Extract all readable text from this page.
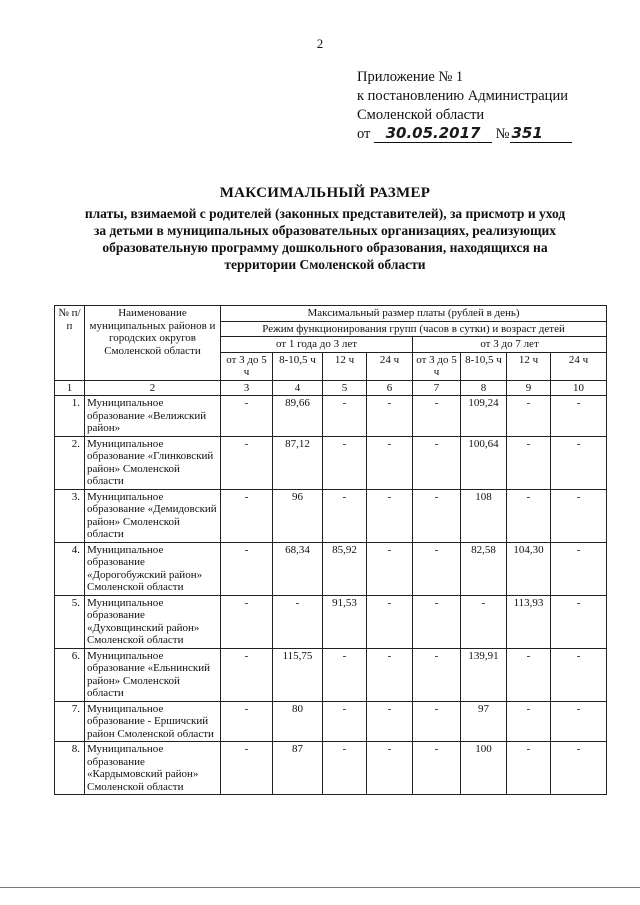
2
Приложение № 1
к постановлению Администрации
Смоленской области
от 30.05.2017 № 351
МАКСИМАЛЬНЫЙ РАЗМЕР
платы, взимаемой с родителей (законных представителей), за присмотр и уход
за детьми в муниципальных образовательных организациях, реализующих
образовательную программу дошкольного образования, находящихся на
территории Смоленской области
№ п/п	Наименование муниципальных районов и городских округов Смоленской области	Максимальный размер платы (рублей в день)							
		Режим функционирования групп (часов в сутки) и возраст детей							
		от 1 года до 3 лет				от 3 до 7 лет			
		от 3 до 5 ч	8-10,5 ч	12 ч	24 ч	от 3 до 5 ч	8-10,5 ч	12 ч	24 ч
1	2	3	4	5	6	7	8	9	10
1.	Муниципальное образование «Велижский район»	-	89,66	-	-	-	109,24	-	-
2.	Муниципальное образование «Глинковский район» Смоленской области	-	87,12	-	-	-	100,64	-	-
3.	Муниципальное образование «Демидовский район» Смоленской области	-	96	-	-	-	108	-	-
4.	Муниципальное образование «Дорогобужский район» Смоленской области	-	68,34	85,92	-	-	82,58	104,30	-
5.	Муниципальное образование «Духовщинский район» Смоленской области	-	-	91,53	-	-	-	113,93	-
6.	Муниципальное образование «Ельнинский район» Смоленской области	-	115,75	-	-	-	139,91	-	-
7.	Муниципальное образование - Ершичский район Смоленской области	-	80	-	-	-	97	-	-
8.	Муниципальное образование «Кардымовский район» Смоленской области	-	87	-	-	-	100	-	-
